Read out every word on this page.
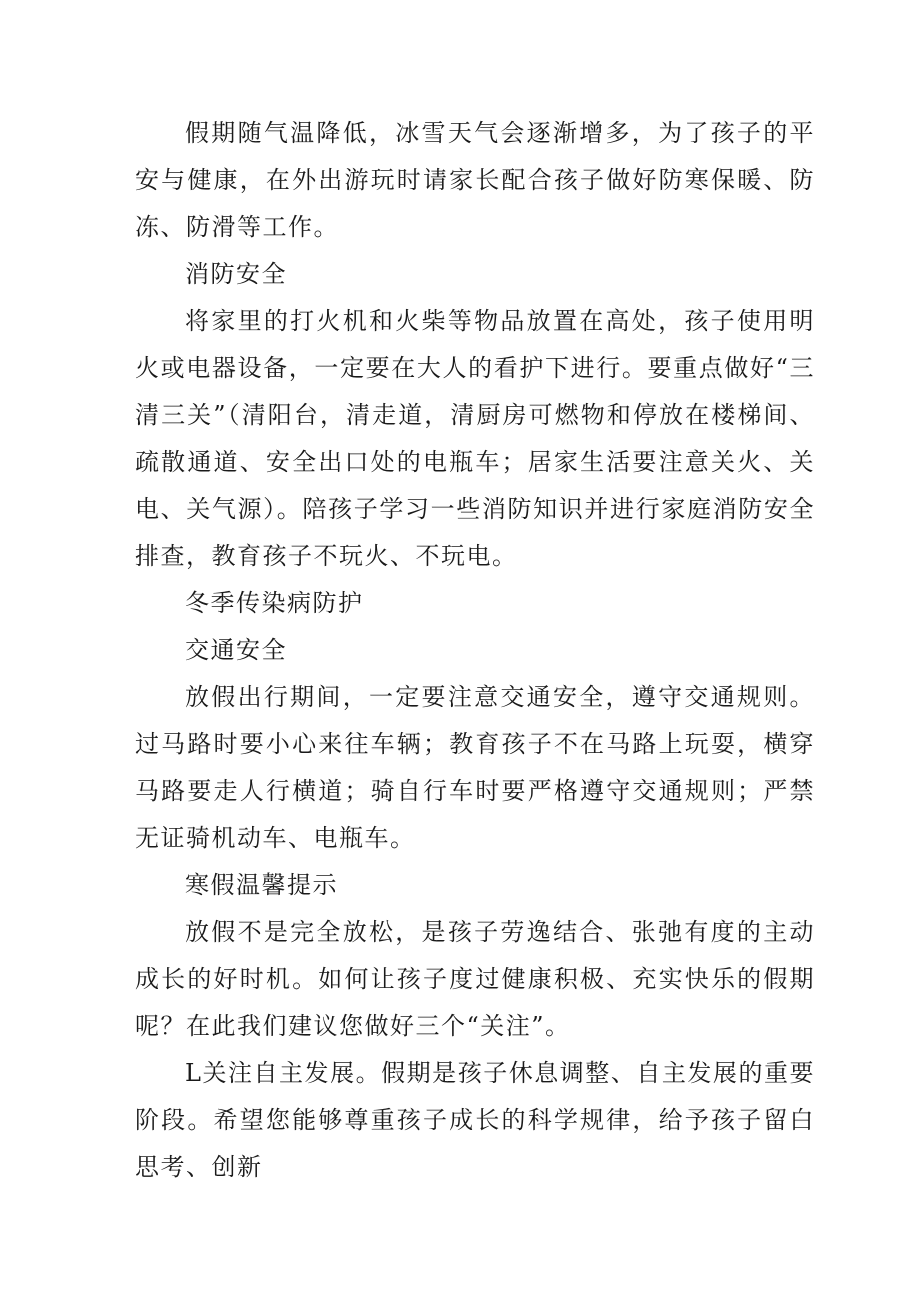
假期随气温降低，冰雪天气会逐渐增多，为了孩子的平安与健康，在外出游玩时请家长配合孩子做好防寒保暖、防冻、防滑等工作。

消防安全

将家里的打火机和火柴等物品放置在高处，孩子使用明火或电器设备，一定要在大人的看护下进行。要重点做好“三清三关”（清阳台，清走道，清厨房可燃物和停放在楼梯间、疏散通道、安全出口处的电瓶车；居家生活要注意关火、关电、关气源）。陪孩子学习一些消防知识并进行家庭消防安全排查，教育孩子不玩火、不玩电。

冬季传染病防护

交通安全

放假出行期间，一定要注意交通安全，遵守交通规则。过马路时要小心来往车辆；教育孩子不在马路上玩耍，横穿马路要走人行横道；骑自行车时要严格遵守交通规则；严禁无证骑机动车、电瓶车。

寒假温馨提示

放假不是完全放松，是孩子劳逸结合、张弛有度的主动成长的好时机。如何让孩子度过健康积极、充实快乐的假期呢？在此我们建议您做好三个“关注”。

L关注自主发展。假期是孩子休息调整、自主发展的重要阶段。希望您能够尊重孩子成长的科学规律，给予孩子留白思考、创新
